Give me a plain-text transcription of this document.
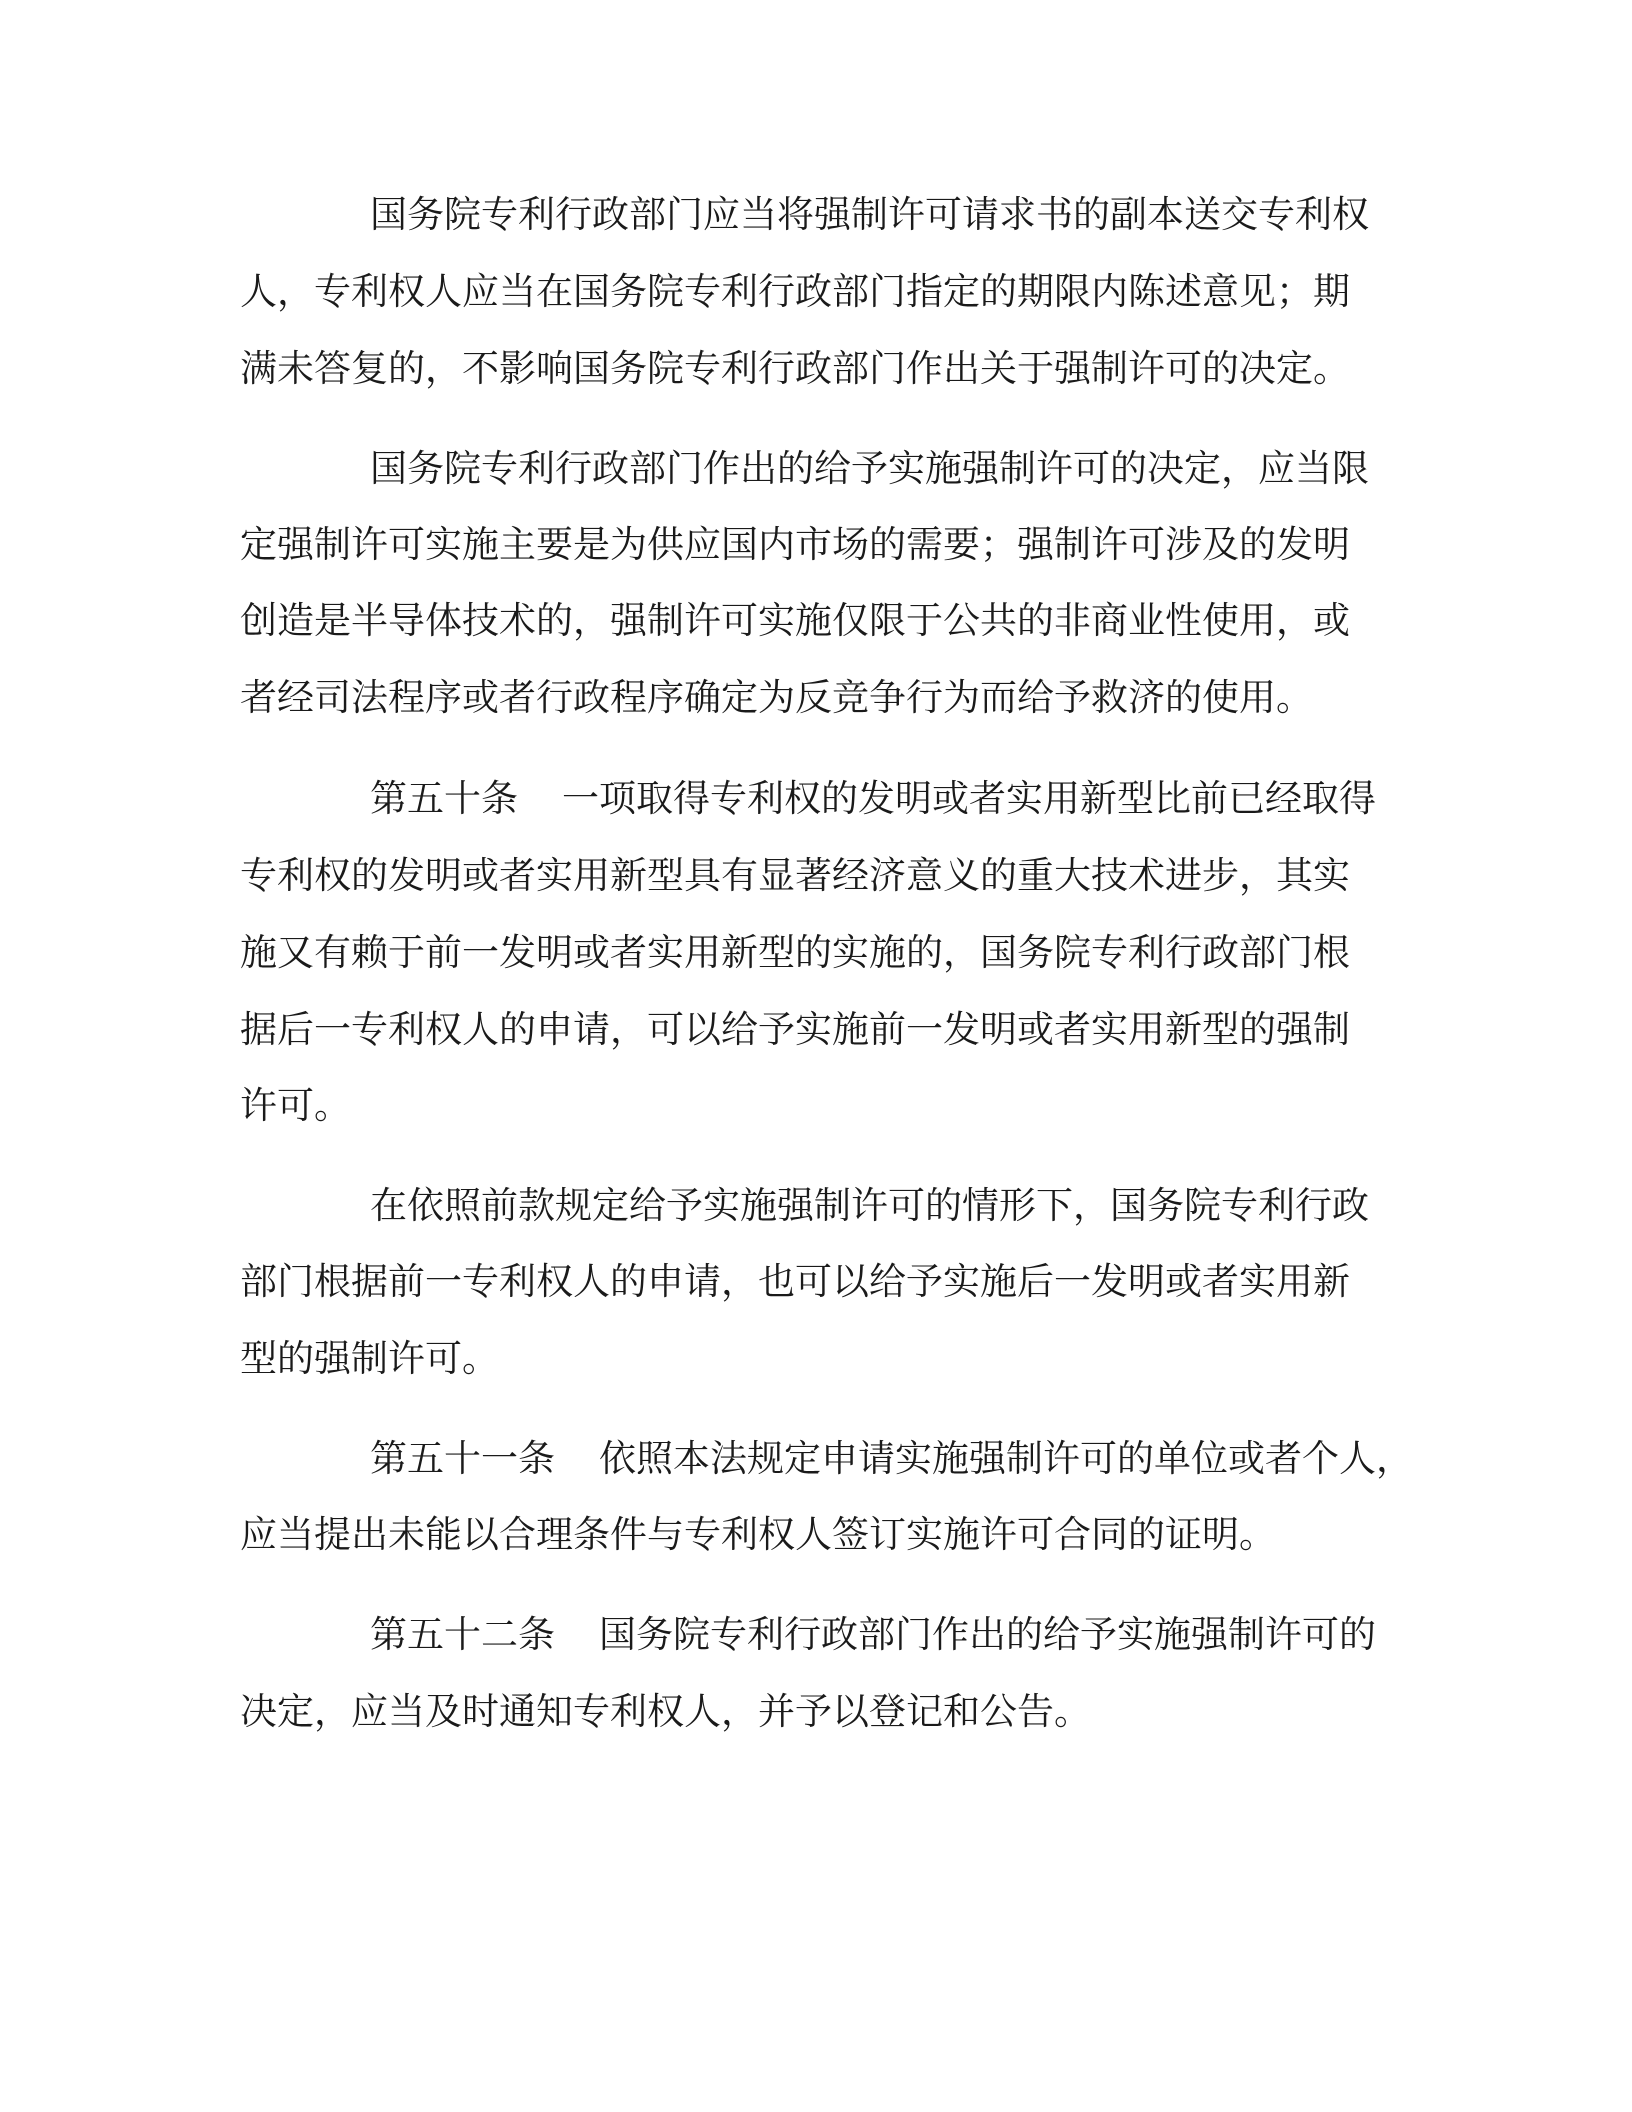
国务院专利行政部门应当将强制许可请求书的副本送交专利权
人，专利权人应当在国务院专利行政部门指定的期限内陈述意见；期
满未答复的，不影响国务院专利行政部门作出关于强制许可的决定。
国务院专利行政部门作出的给予实施强制许可的决定，应当限
定强制许可实施主要是为供应国内市场的需要；强制许可涉及的发明
创造是半导体技术的，强制许可实施仅限于公共的非商业性使用，或
者经司法程序或者行政程序确定为反竞争行为而给予救济的使用。
第五十条 一项取得专利权的发明或者实用新型比前已经取得
专利权的发明或者实用新型具有显著经济意义的重大技术进步，其实
施又有赖于前一发明或者实用新型的实施的，国务院专利行政部门根
据后一专利权人的申请，可以给予实施前一发明或者实用新型的强制
许可。
在依照前款规定给予实施强制许可的情形下，国务院专利行政
部门根据前一专利权人的申请，也可以给予实施后一发明或者实用新
型的强制许可。
第五十一条 依照本法规定申请实施强制许可的单位或者个人，
应当提出未能以合理条件与专利权人签订实施许可合同的证明。
第五十二条 国务院专利行政部门作出的给予实施强制许可的
决定，应当及时通知专利权人，并予以登记和公告。
